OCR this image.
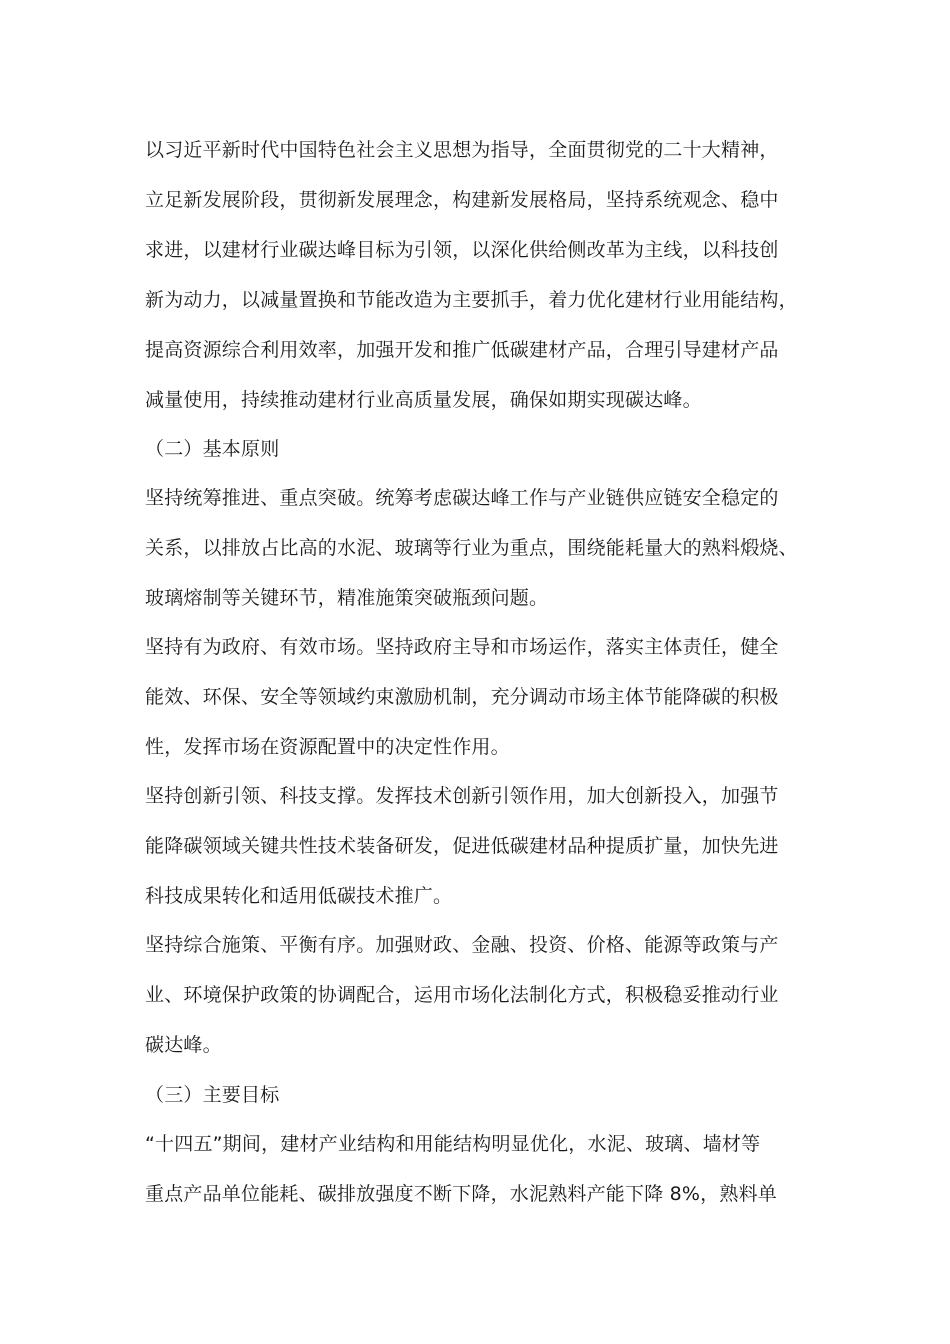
以习近平新时代中国特色社会主义思想为指导，全面贯彻党的二十大精神，
立足新发展阶段，贯彻新发展理念，构建新发展格局，坚持系统观念、稳中
求进，以建材行业碳达峰目标为引领，以深化供给侧改革为主线，以科技创
新为动力，以减量置换和节能改造为主要抓手，着力优化建材行业用能结构，
提高资源综合利用效率，加强开发和推广低碳建材产品，合理引导建材产品
减量使用，持续推动建材行业高质量发展，确保如期实现碳达峰。
（二）基本原则
坚持统筹推进、重点突破。统筹考虑碳达峰工作与产业链供应链安全稳定的
关系，以排放占比高的水泥、玻璃等行业为重点，围绕能耗量大的熟料煅烧、
玻璃熔制等关键环节，精准施策突破瓶颈问题。
坚持有为政府、有效市场。坚持政府主导和市场运作，落实主体责任，健全
能效、环保、安全等领域约束激励机制，充分调动市场主体节能降碳的积极
性，发挥市场在资源配置中的决定性作用。
坚持创新引领、科技支撑。发挥技术创新引领作用，加大创新投入，加强节
能降碳领域关键共性技术装备研发，促进低碳建材品种提质扩量，加快先进
科技成果转化和适用低碳技术推广。
坚持综合施策、平衡有序。加强财政、金融、投资、价格、能源等政策与产
业、环境保护政策的协调配合，运用市场化法制化方式，积极稳妥推动行业
碳达峰。
（三）主要目标
“十四五”期间，建材产业结构和用能结构明显优化，水泥、玻璃、墙材等
重点产品单位能耗、碳排放强度不断下降，水泥熟料产能下降 8%，熟料单
